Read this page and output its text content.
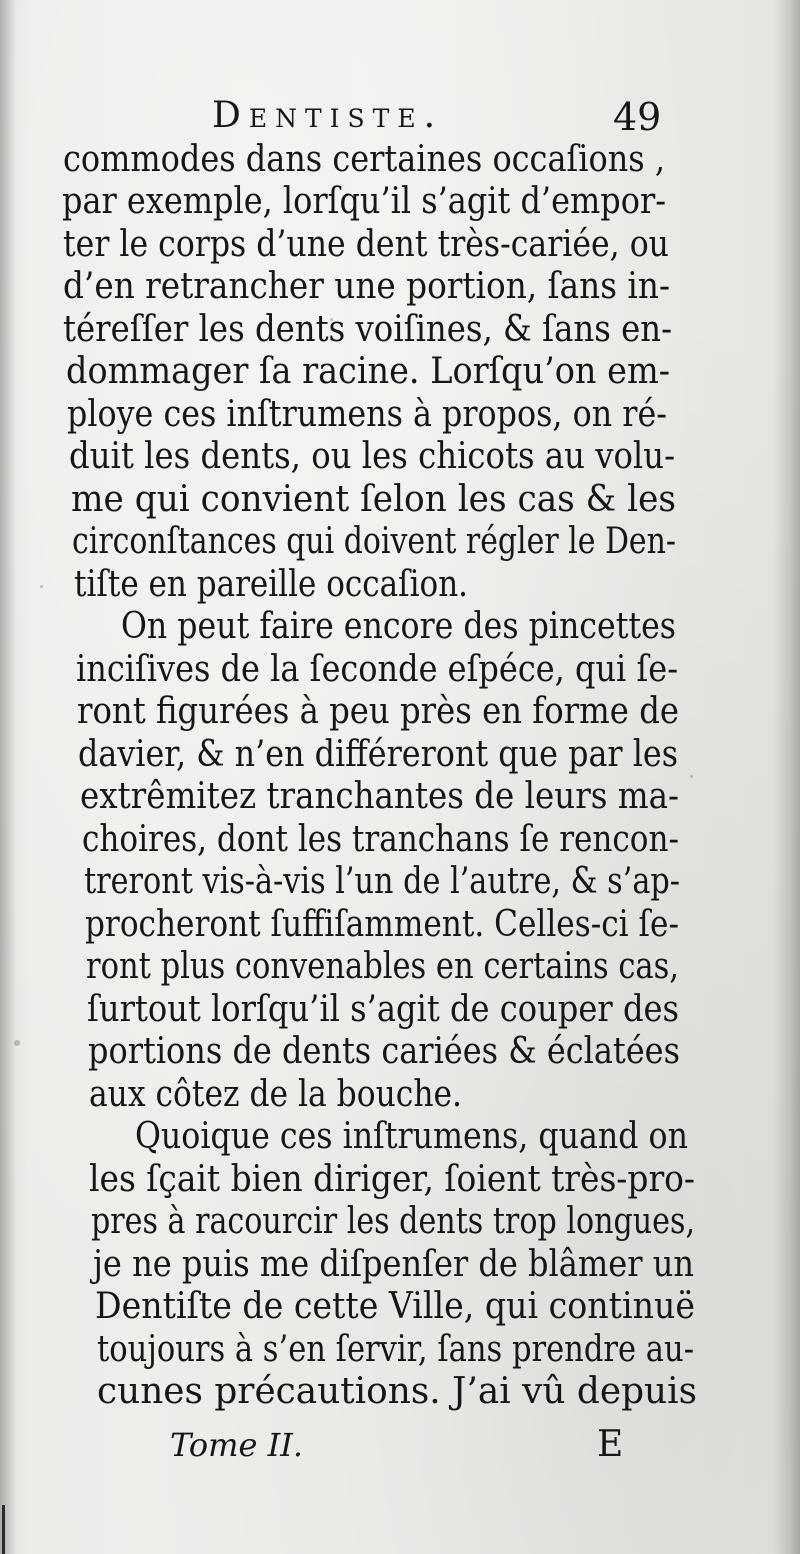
Dentiste.	49
commodes dans certaines occaſions ,
par exemple, lorſqu’il s’agit d’empor-
ter le corps d’une dent très-cariée, ou
d’en retrancher une portion, ſans in-
téreſſer les dents voiſines, & ſans en-
dommager ſa racine. Lorſqu’on em-
ploye ces inſtrumens à propos, on ré-
duit les dents, ou les chicots au volu-
me qui convient ſelon les cas & les
circonſtances qui doivent régler le Den-
tiſte en pareille occaſion.
On peut faire encore des pincettes
inciſives de la ſeconde eſpéce, qui ſe-
ront figurées à peu près en forme de
davier, & n’en différeront que par les
extrêmitez tranchantes de leurs ma-
choires, dont les tranchans ſe rencon-
treront vis-à-vis l’un de l’autre, & s’ap-
procheront ſuffiſamment. Celles-ci ſe-
ront plus convenables en certains cas,
ſurtout lorſqu’il s’agit de couper des
portions de dents cariées & éclatées
aux côtez de la bouche.
Quoique ces inſtrumens, quand on
les ſçait bien diriger, ſoient très-pro-
pres à racourcir les dents trop longues,
je ne puis me diſpenſer de blâmer un
Dentiſte de cette Ville, qui continuë
toujours à s’en ſervir, ſans prendre au-
cunes précautions. J’ai vû depuis
Tome II.	E
